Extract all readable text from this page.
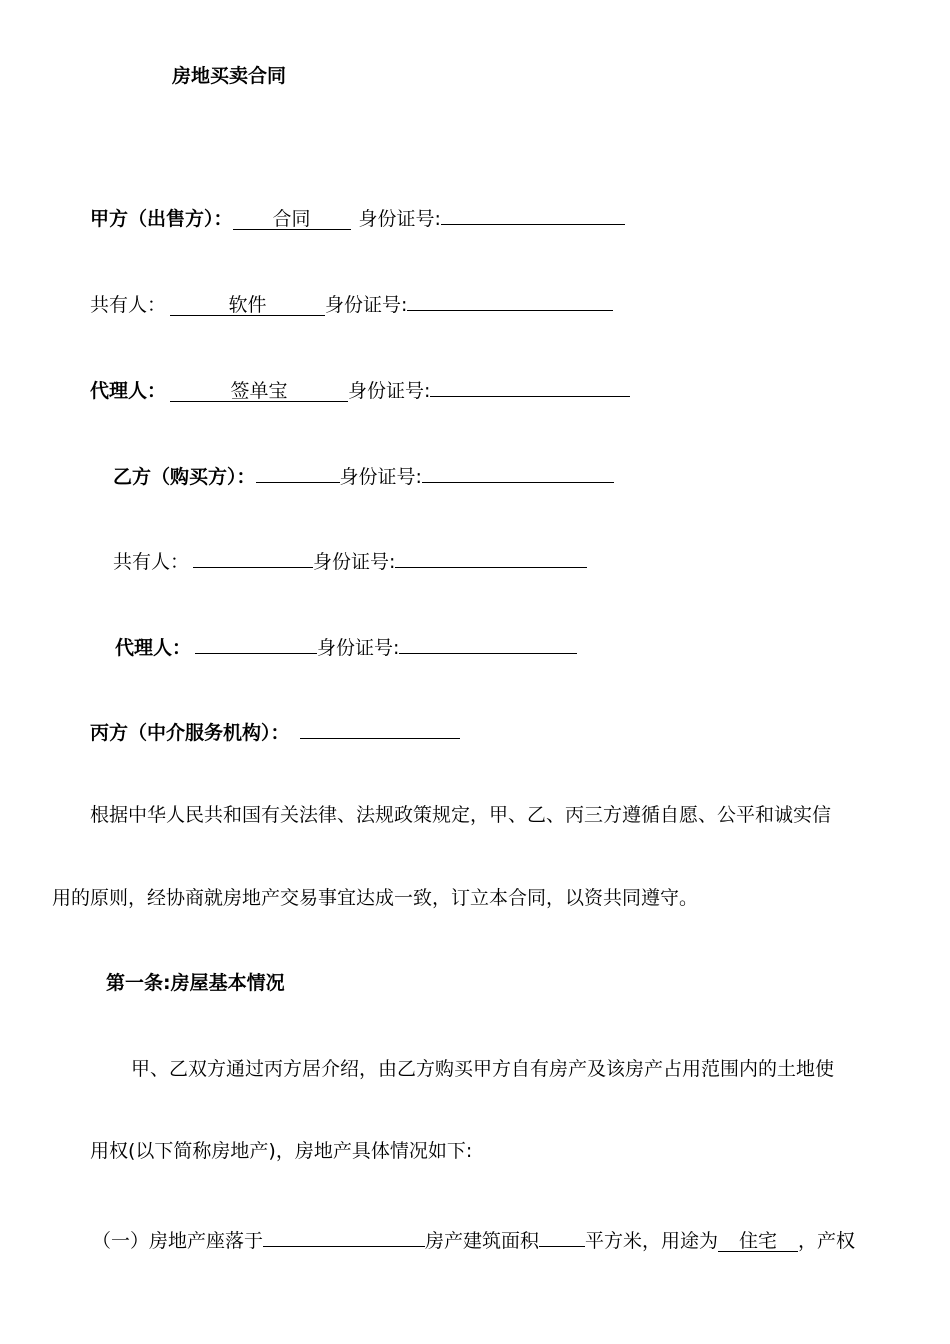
房地买卖合同
甲方（出售方）： 合同	身份证号:
共有人：	软件	身份证号:
代理人：	签单宝	身份证号:
乙方（购买方）：	身份证号:
共有人：	身份证号:
代理人：	身份证号:
丙方（中介服务机构）：
根据中华人民共和国有关法律、法规政策规定，甲、乙、丙三方遵循自愿、公平和诚实信
用的原则，经协商就房地产交易事宜达成一致，订立本合同，以资共同遵守。
第一条:房屋基本情况
甲、乙双方通过丙方居介绍，由乙方购买甲方自有房产及该房产占用范围内的土地使
用权(以下简称房地产)，房地产具体情况如下:
（一）房地产座落于	房产建筑面积 平方米，用途为 住宅 ，产权
